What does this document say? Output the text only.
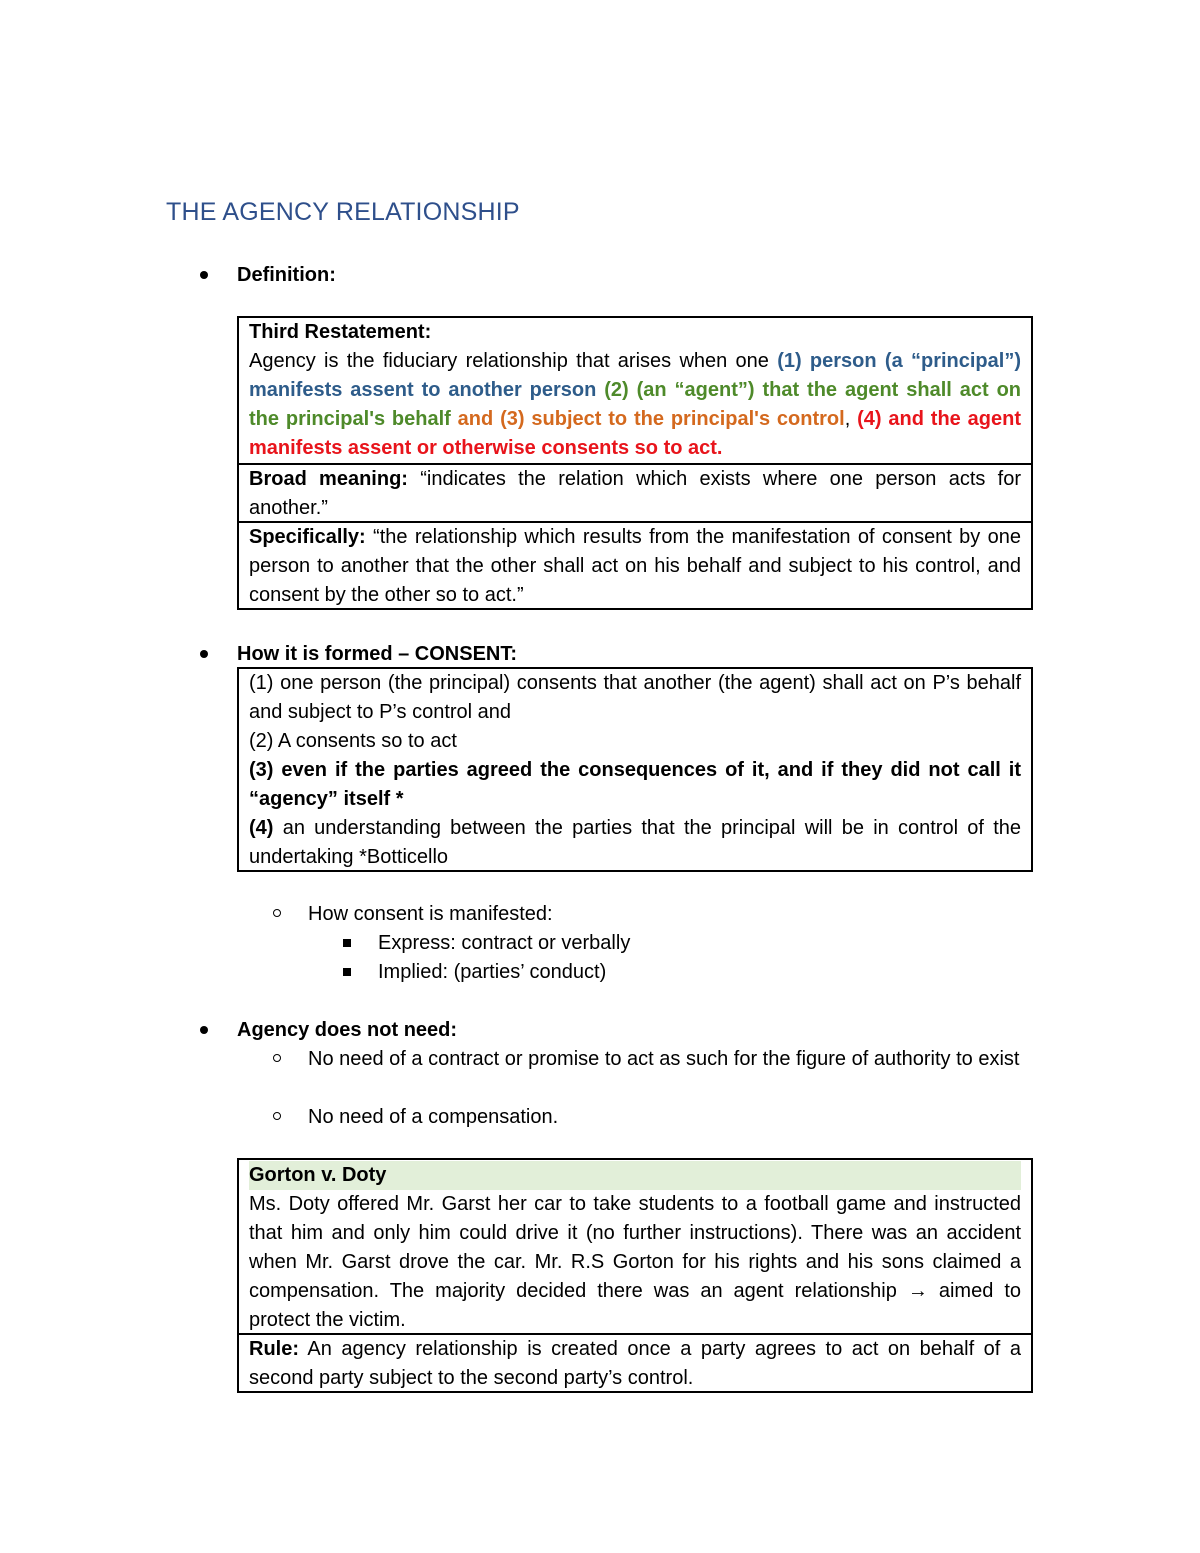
THE AGENCY RELATIONSHIP
Definition:
Third Restatement:
Agency is the fiduciary relationship that arises when one (1) person (a “principal”) manifests assent to another person (2) (an “agent”) that the agent shall act on the principal's behalf and (3) subject to the principal's control, (4) and the agent manifests assent or otherwise consents so to act.
Broad meaning: “indicates the relation which exists where one person acts for another.”
Specifically: “the relationship which results from the manifestation of consent by one person to another that the other shall act on his behalf and subject to his control, and consent by the other so to act.”
How it is formed – CONSENT:
(1) one person (the principal) consents that another (the agent) shall act on P’s behalf and subject to P’s control and
(2) A consents so to act
(3) even if the parties agreed the consequences of it, and if they did not call it “agency” itself *
(4) an understanding between the parties that the principal will be in control of the undertaking *Botticello
How consent is manifested:
Express: contract or verbally
Implied: (parties’ conduct)
Agency does not need:
No need of a contract or promise to act as such for the figure of authority to exist
No need of a compensation.
Gorton v. Doty
Ms. Doty offered Mr. Garst her car to take students to a football game and instructed that him and only him could drive it (no further instructions). There was an accident when Mr. Garst drove the car. Mr. R.S Gorton for his rights and his sons claimed a compensation. The majority decided there was an agent relationship → aimed to protect the victim.
Rule: An agency relationship is created once a party agrees to act on behalf of a second party subject to the second party’s control.
